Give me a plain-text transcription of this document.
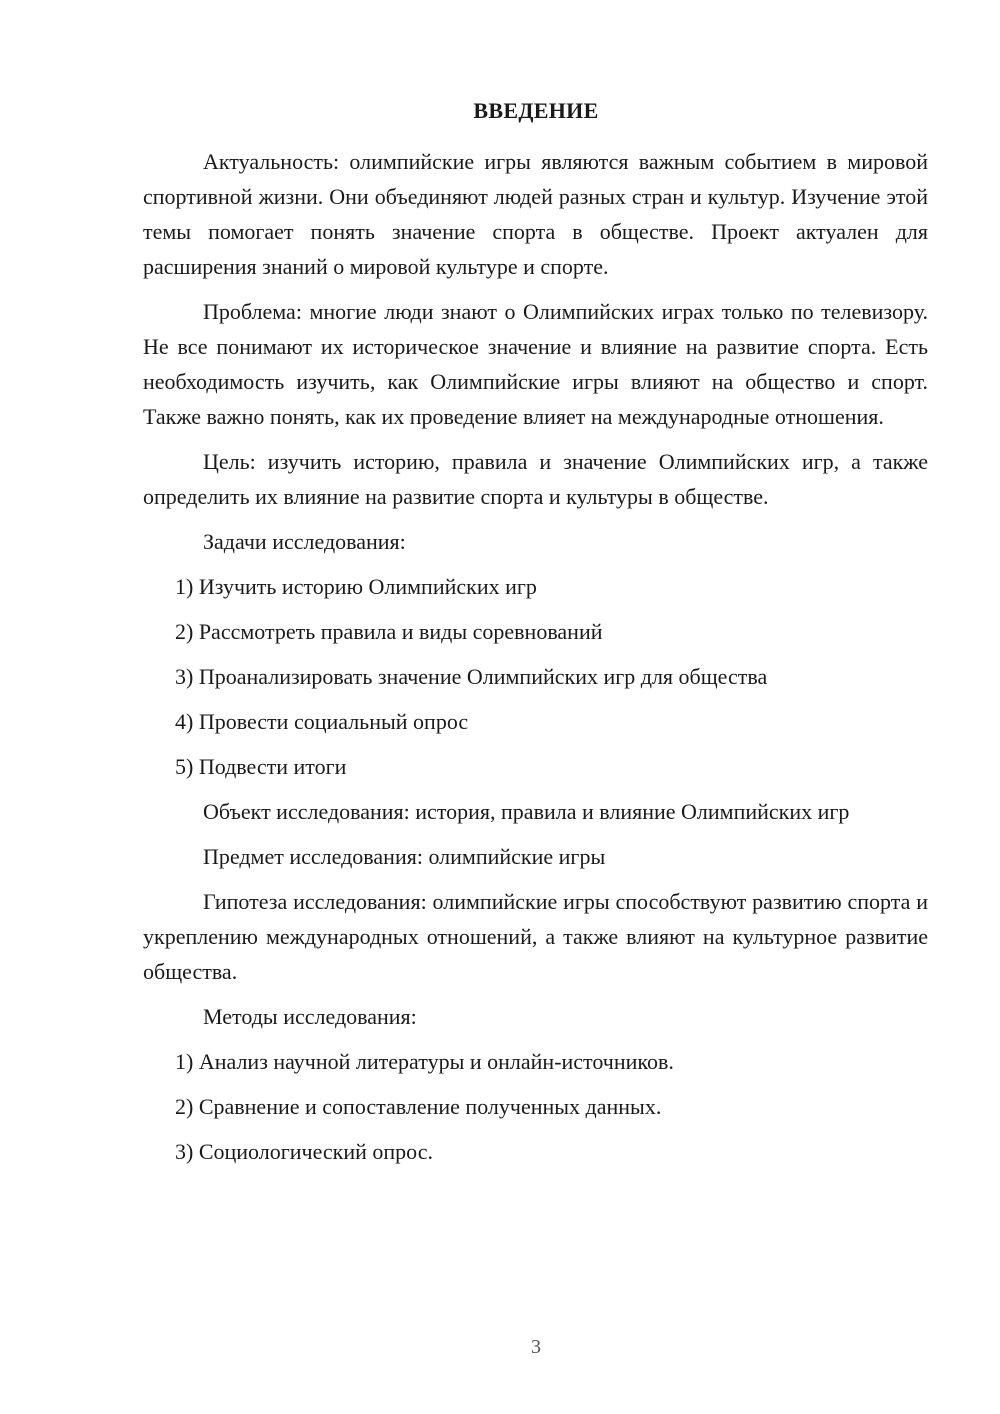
ВВЕДЕНИЕ

Актуальность: олимпийские игры являются важным событием в мировой спортивной жизни. Они объединяют людей разных стран и культур. Изучение этой темы помогает понять значение спорта в обществе. Проект актуален для расширения знаний о мировой культуре и спорте.

Проблема: многие люди знают о Олимпийских играх только по телевизору. Не все понимают их историческое значение и влияние на развитие спорта. Есть необходимость изучить, как Олимпийские игры влияют на общество и спорт. Также важно понять, как их проведение влияет на международные отношения.

Цель: изучить историю, правила и значение Олимпийских игр, а также определить их влияние на развитие спорта и культуры в обществе.

Задачи исследования:

1) Изучить историю Олимпийских игр
2) Рассмотреть правила и виды соревнований
3) Проанализировать значение Олимпийских игр для общества
4) Провести социальный опрос
5) Подвести итоги

Объект исследования: история, правила и влияние Олимпийских игр

Предмет исследования: олимпийские игры

Гипотеза исследования: олимпийские игры способствуют развитию спорта и укреплению международных отношений, а также влияют на культурное развитие общества.

Методы исследования:

1) Анализ научной литературы и онлайн-источников.
2) Сравнение и сопоставление полученных данных.
3) Социологический опрос.
3
